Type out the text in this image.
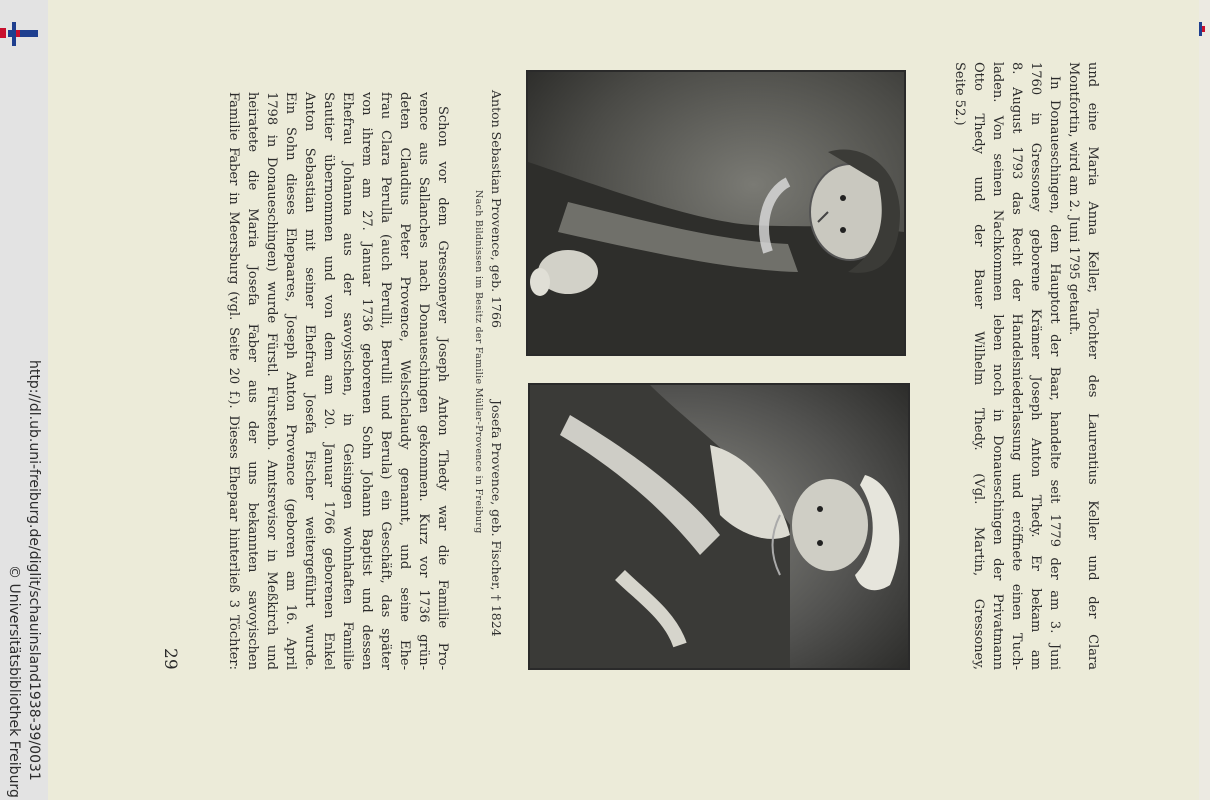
http://dl.ub.uni-freiburg.de/diglit/schauinsland1938-39/0031
© Universitätsbibliothek Freiburg
und eine Maria Anna Keller, Tochter des Laurentius Keller und der Clara
Montfortin, wird am 2. Juni 1795 getauft.
In Donaueschingen, dem Hauptort der Baar, handelte seit 1779 der am 3. Juni
1760 in Gressoney geborene Krämer Joseph Anton Thedy. Er bekam am
8. August 1793 das Recht der Handelsniederlassung und eröffnete einen Tuch-
laden. Von seinen Nachkommen leben noch in Donaueschingen der Privatmann
Otto Thedy und der Bauer Wilhelm Thedy. (Vgl. Martin, Gressoney,
Seite 52.)
Anton Sebastian Provence, geb. 1766
Josefa Provence, geb. Fischer, † 1824
Nach Bildnissen im Besitz der Familie Müller-Provence in Freiburg
Schon vor dem Gressoneyer Joseph Anton Thedy war die Familie Pro-
vence aus Sallanches nach Donaueschingen gekommen. Kurz vor 1736 grün-
deten Claudius Peter Provence, Welschclaudy genannt, und seine Ehe-
frau Clara Perulla (auch Perulli, Berulli und Berula) ein Geschäft, das später
von ihrem am 27. Januar 1736 geborenen Sohn Johann Baptist und dessen
Ehefrau Johanna aus der savoyischen, in Geisingen wohnhaften Familie
Sautier übernommen und von dem am 20. Januar 1766 geborenen Enkel
Anton Sebastian mit seiner Ehefrau Josefa Fischer weitergeführt wurde.
Ein Sohn dieses Ehepaares, Joseph Anton Provence (geboren am 16. April
1798 in Donaueschingen) wurde Fürstl. Fürstenb. Amtsrevisor in Meßkirch und
heiratete die Maria Josefa Faber aus der uns bekannten savoyischen
Familie Faber in Meersburg (vgl. Seite 20 f.). Dieses Ehepaar hinterließ 3 Töchter:
29
